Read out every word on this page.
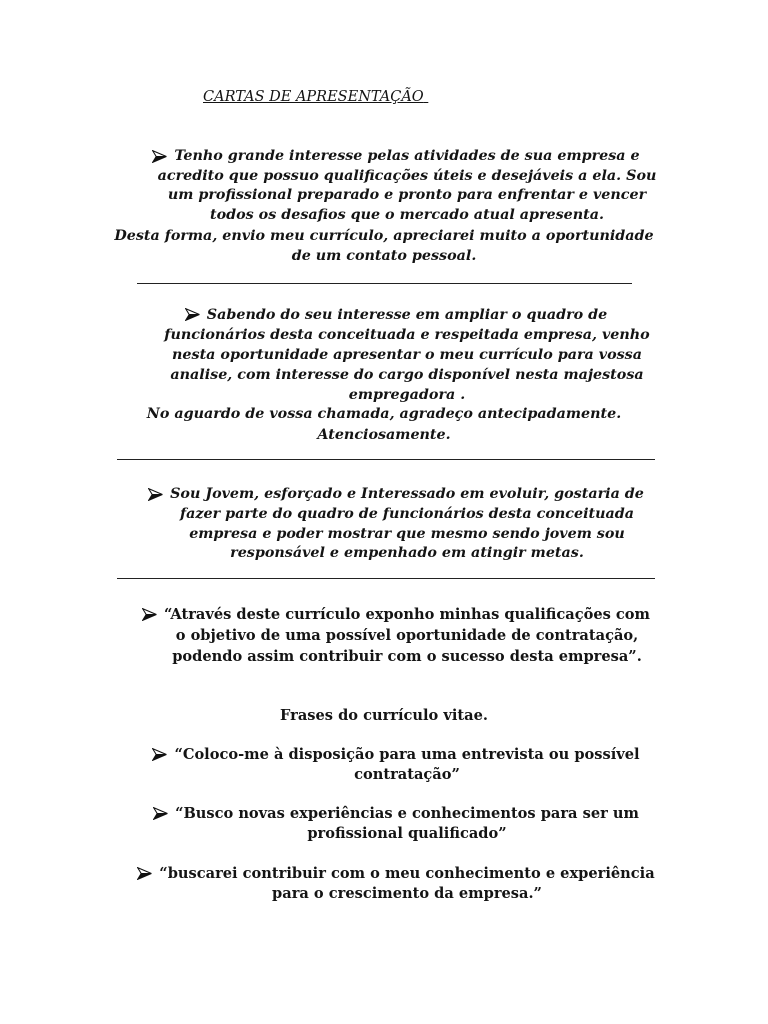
CARTAS DE APRESENTAÇÃO
Tenho grande interesse pelas atividades de sua empresa e
acredito que possuo qualificações úteis e desejáveis a ela. Sou
um profissional preparado e pronto para enfrentar e vencer
todos os desafios que o mercado atual apresenta.
Desta forma, envio meu currículo, apreciarei muito a oportunidade
de um contato pessoal.
Sabendo do seu interesse em ampliar o quadro de
funcionários desta conceituada e respeitada empresa, venho
nesta oportunidade apresentar o meu currículo para vossa
analise, com interesse do cargo disponível nesta majestosa
empregadora .
No aguardo de vossa chamada, agradeço antecipadamente.
Atenciosamente.
Sou Jovem, esforçado e Interessado em evoluir, gostaria de
fazer parte do quadro de funcionários desta conceituada
empresa e poder mostrar que mesmo sendo jovem sou
responsável e empenhado em atingir metas.
“Através deste currículo exponho minhas qualificações com
o objetivo de uma possível oportunidade de contratação,
podendo assim contribuir com o sucesso desta empresa”.
Frases do currículo vitae.
“Coloco-me à disposição para uma entrevista ou possível
contratação”
“Busco novas experiências e conhecimentos para ser um
profissional qualificado”
“buscarei contribuir com o meu conhecimento e experiência
para o crescimento da empresa.”
